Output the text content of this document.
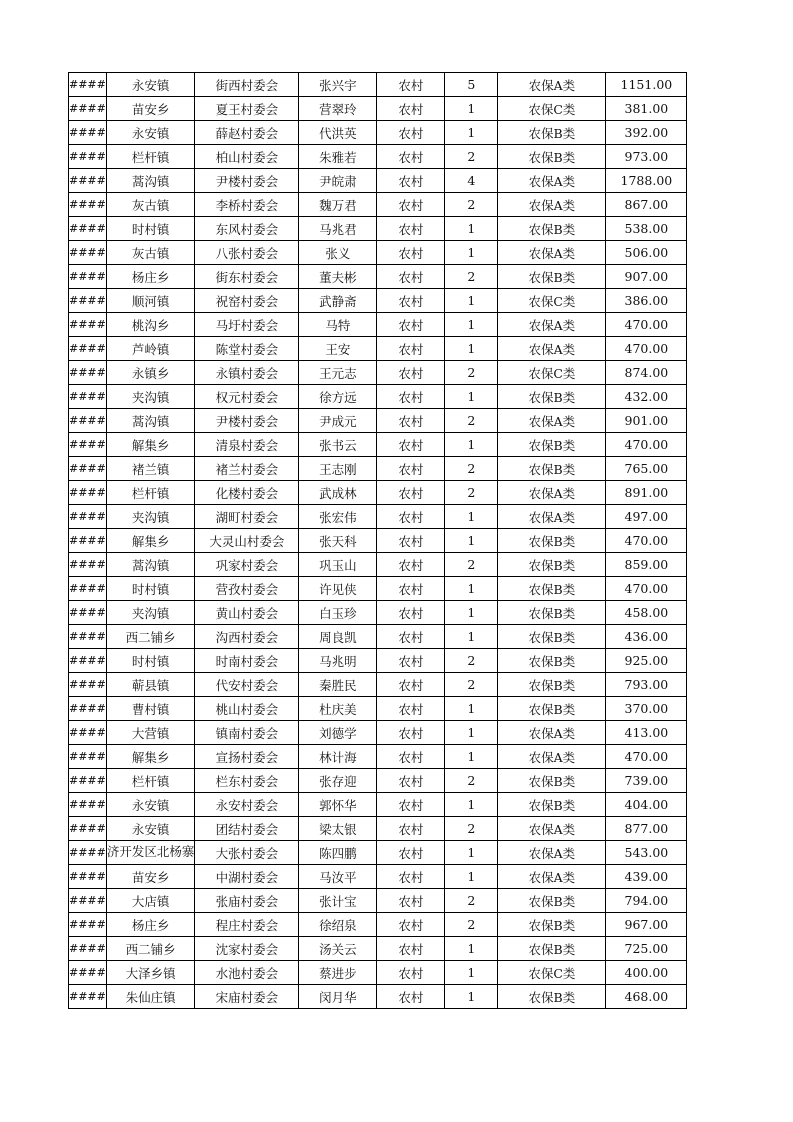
####	永安镇	街西村委会	张兴宇	农村	5	农保A类	1151.00
####	苗安乡	夏王村委会	营翠玲	农村	1	农保C类	381.00
####	永安镇	薛赵村委会	代洪英	农村	1	农保B类	392.00
####	栏杆镇	柏山村委会	朱雅若	农村	2	农保B类	973.00
####	蒿沟镇	尹楼村委会	尹皖肃	农村	4	农保A类	1788.00
####	灰古镇	李桥村委会	魏万君	农村	2	农保A类	867.00
####	时村镇	东风村委会	马兆君	农村	1	农保B类	538.00
####	灰古镇	八张村委会	张义	农村	1	农保A类	506.00
####	杨庄乡	街东村委会	董夫彬	农村	2	农保B类	907.00
####	顺河镇	祝窑村委会	武静斋	农村	1	农保C类	386.00
####	桃沟乡	马圩村委会	马特	农村	1	农保A类	470.00
####	芦岭镇	陈堂村委会	王安	农村	1	农保A类	470.00
####	永镇乡	永镇村委会	王元志	农村	2	农保C类	874.00
####	夹沟镇	权元村委会	徐方远	农村	1	农保B类	432.00
####	蒿沟镇	尹楼村委会	尹成元	农村	2	农保A类	901.00
####	解集乡	清泉村委会	张书云	农村	1	农保B类	470.00
####	褚兰镇	褚兰村委会	王志刚	农村	2	农保B类	765.00
####	栏杆镇	化楼村委会	武成林	农村	2	农保A类	891.00
####	夹沟镇	湖町村委会	张宏伟	农村	1	农保A类	497.00
####	解集乡	大灵山村委会	张天科	农村	1	农保B类	470.00
####	蒿沟镇	巩家村委会	巩玉山	农村	2	农保B类	859.00
####	时村镇	营孜村委会	许见侠	农村	1	农保B类	470.00
####	夹沟镇	黄山村委会	白玉珍	农村	1	农保B类	458.00
####	西二铺乡	沟西村委会	周良凯	农村	1	农保B类	436.00
####	时村镇	时南村委会	马兆明	农村	2	农保B类	925.00
####	蕲县镇	代安村委会	秦胜民	农村	2	农保B类	793.00
####	曹村镇	桃山村委会	杜庆美	农村	1	农保B类	370.00
####	大营镇	镇南村委会	刘德学	农村	1	农保A类	413.00
####	解集乡	宣扬村委会	林计海	农村	1	农保A类	470.00
####	栏杆镇	栏东村委会	张存迎	农村	2	农保B类	739.00
####	永安镇	永安村委会	郭怀华	农村	1	农保B类	404.00
####	永安镇	团结村委会	梁太银	农村	2	农保A类	877.00
####	济开发区北杨寨	大张村委会	陈四鹏	农村	1	农保A类	543.00
####	苗安乡	中湖村委会	马汝平	农村	1	农保A类	439.00
####	大店镇	张庙村委会	张计宝	农村	2	农保B类	794.00
####	杨庄乡	程庄村委会	徐绍泉	农村	2	农保B类	967.00
####	西二铺乡	沈家村委会	汤关云	农村	1	农保B类	725.00
####	大泽乡镇	水池村委会	蔡进步	农村	1	农保C类	400.00
####	朱仙庄镇	宋庙村委会	闵月华	农村	1	农保B类	468.00
